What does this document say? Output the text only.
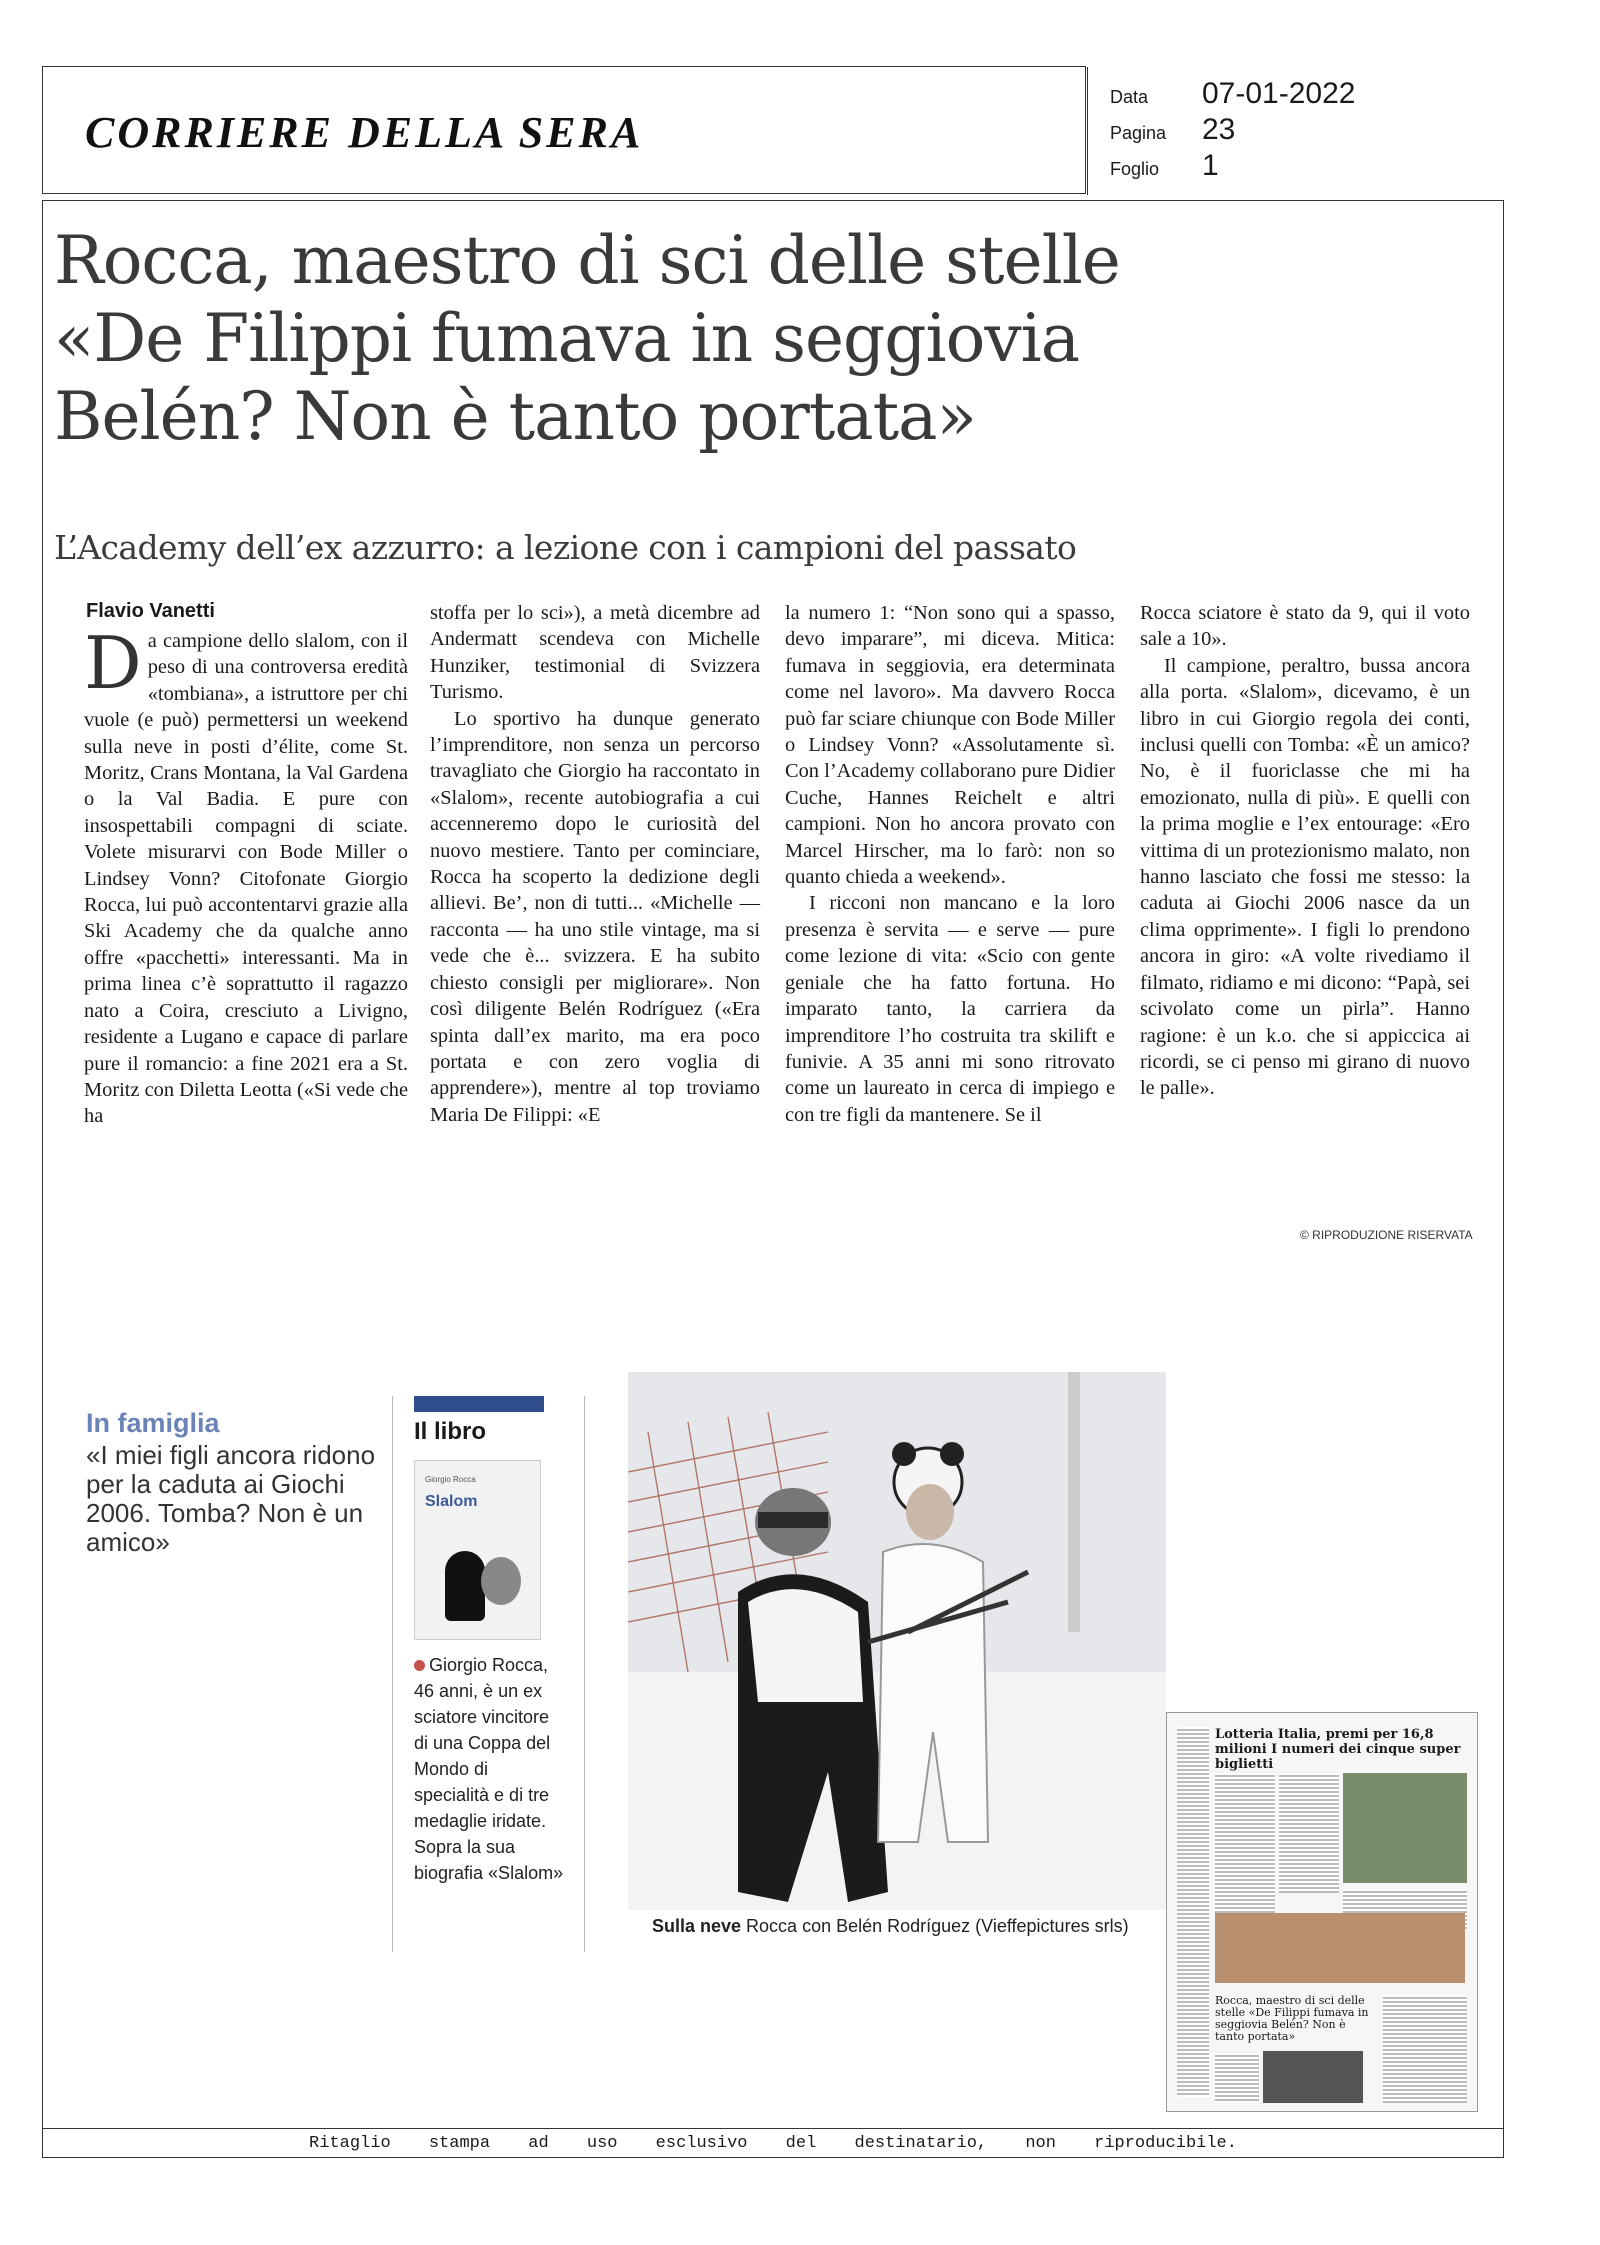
CORRIERE DELLA SERA
Data 07-01-2022
Pagina 23
Foglio 1
Rocca, maestro di sci delle stelle
«De Filippi fumava in seggiovia
Belén? Non è tanto portata»
L’Academy dell’ex azzurro: a lezione con i campioni del passato
Flavio Vanetti

Da campione dello slalom, con il peso di una controversa eredità «tombiana», a istruttore per chi vuole (e può) permettersi un weekend sulla neve in posti d’élite, come St. Moritz, Crans Montana, la Val Gardena o la Val Badia. E pure con insospettabili compagni di sciate. Volete misurarvi con Bode Miller o Lindsey Vonn? Citofonate Giorgio Rocca, lui può accontentarvi grazie alla Ski Academy che da qualche anno offre «pacchetti» interessanti. Ma in prima linea c’è soprattutto il ragazzo nato a Coira, cresciuto a Livigno, residente a Lugano e capace di parlare pure il romancio: a fine 2021 era a St. Moritz con Diletta Leotta («Si vede che ha

stoffa per lo sci»), a metà dicembre ad Andermatt scendeva con Michelle Hunziker, testimonial di Svizzera Turismo.

Lo sportivo ha dunque generato l’imprenditore, non senza un percorso travagliato che Giorgio ha raccontato in «Slalom», recente autobiografia a cui accenneremo dopo le curiosità del nuovo mestiere. Tanto per cominciare, Rocca ha scoperto la dedizione degli allievi. Be’, non di tutti... «Michelle — racconta — ha uno stile vintage, ma si vede che è... svizzera. E ha subito chiesto consigli per migliorare». Non così diligente Belén Rodríguez («Era spinta dall’ex marito, ma era poco portata e con zero voglia di apprendere»), mentre al top troviamo Maria De Filippi: «E

la numero 1: “Non sono qui a spasso, devo imparare”, mi diceva. Mitica: fumava in seggiovia, era determinata come nel lavoro». Ma davvero Rocca può far sciare chiunque con Bode Miller o Lindsey Vonn? «Assolutamente sì. Con l’Academy collaborano pure Didier Cuche, Hannes Reichelt e altri campioni. Non ho ancora provato con Marcel Hirscher, ma lo farò: non so quanto chieda a weekend».

I ricconi non mancano e la loro presenza è servita — e serve — pure come lezione di vita: «Scio con gente geniale che ha fatto fortuna. Ho imparato tanto, la carriera da imprenditore l’ho costruita tra skilift e funivie. A 35 anni mi sono ritrovato come un laureato in cerca di impiego e con tre figli da mantenere. Se il

Rocca sciatore è stato da 9, qui il voto sale a 10».

Il campione, peraltro, bussa ancora alla porta. «Slalom», dicevamo, è un libro in cui Giorgio regola dei conti, inclusi quelli con Tomba: «È un amico? No, è il fuoriclasse che mi ha emozionato, nulla di più». E quelli con la prima moglie e l’ex entourage: «Ero vittima di un protezionismo malato, non hanno lasciato che fossi me stesso: la caduta ai Giochi 2006 nasce da un clima opprimente». I figli lo prendono ancora in giro: «A volte rivediamo il filmato, ridiamo e mi dicono: “Papà, sei scivolato come un pirla”. Hanno ragione: è un k.o. che si appiccica ai ricordi, se ci penso mi girano di nuovo le palle».

© RIPRODUZIONE RISERVATA
In famiglia
«I miei figli ancora ridono per la caduta ai Giochi 2006. Tomba? Non è un amico»
Il libro
Giorgio Rocca
Slalom
Giorgio Rocca, 46 anni, è un ex sciatore vincitore di una Coppa del Mondo di specialità e di tre medaglie iridate. Sopra la sua biografia «Slalom»
Sulla neve Rocca con Belén Rodríguez (Vieffepictures srls)
Lotteria Italia, premi per 16,8 milioni I numeri dei cinque super biglietti
Rocca, maestro di sci delle stelle «De Filippi fumava in seggiovia Belén? Non è tanto portata»
Ritaglio stampa ad uso esclusivo del destinatario, non riproducibile.
